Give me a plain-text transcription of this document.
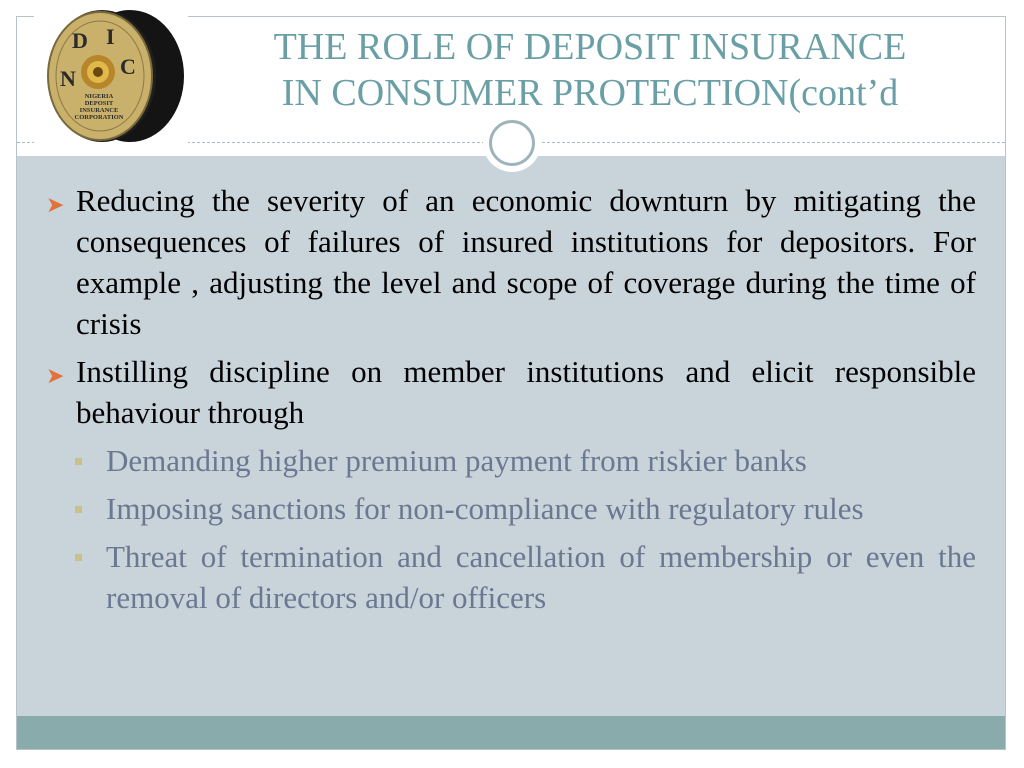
N
D I
C
NIGERIA
DEPOSIT
INSURANCE
CORPORATION
THE ROLE OF DEPOSIT INSURANCE
IN CONSUMER PROTECTION(cont’d

➤ Reducing the severity of an economic downturn by mitigating the consequences of failures of insured institutions for depositors. For example , adjusting the level and scope of coverage during the time of crisis

➤ Instilling discipline on member institutions and elicit responsible behaviour through

Demanding higher premium payment from riskier banks

Imposing sanctions for non-compliance with regulatory rules

Threat of termination and cancellation of membership or even the removal of directors and/or officers
